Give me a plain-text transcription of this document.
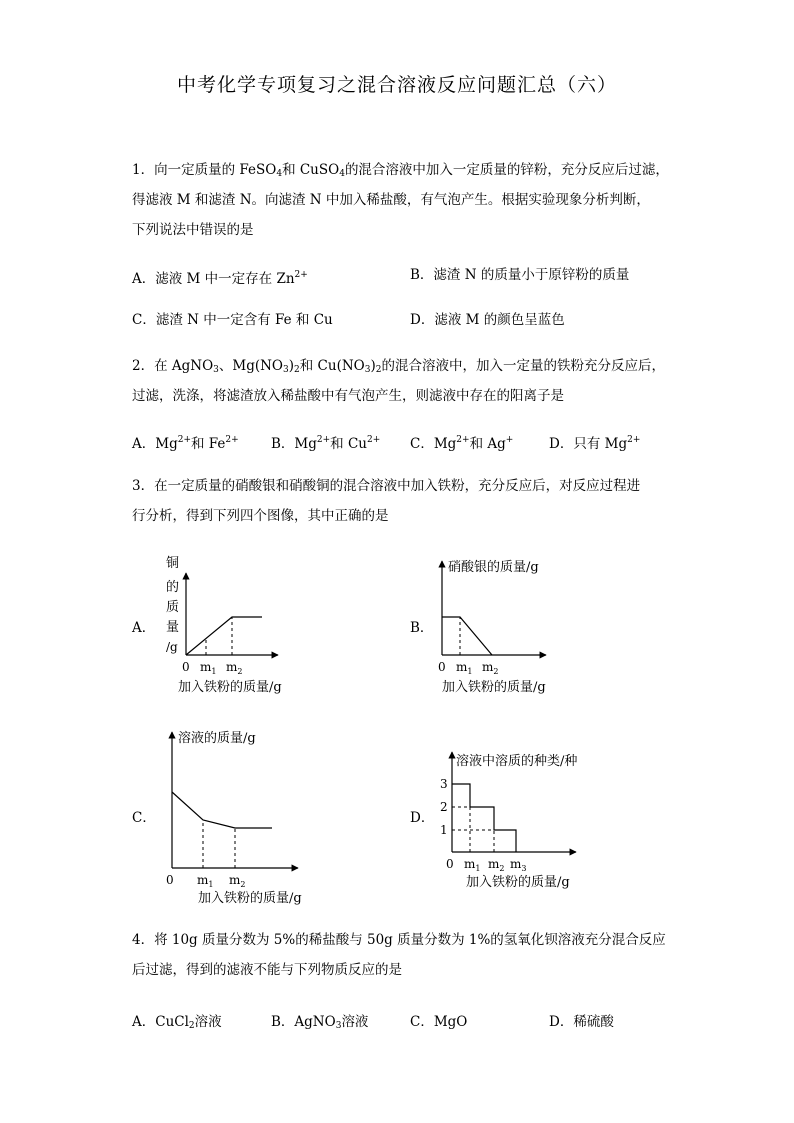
中考化学专项复习之混合溶液反应问题汇总（六）
1．向一定质量的 FeSO$_4$和 CuSO$_4$的混合溶液中加入一定质量的锌粉，充分反应后过滤，
得滤液 M 和滤渣 N。向滤渣 N 中加入稀盐酸，有气泡产生。根据实验现象分析判断，
下列说法中错误的是
A．滤液 M 中一定存在 $Zn^{2+}$	B．滤渣 N 的质量小于原锌粉的质量
C．滤渣 N 中一定含有 Fe 和 Cu	D．滤液 M 的颜色呈蓝色
2．在 AgNO$_3$、$Mg(NO_3)_2$和 $Cu(NO_3)_2$的混合溶液中，加入一定量的铁粉充分反应后，
过滤，洗涤，将滤渣放入稀盐酸中有气泡产生，则滤液中存在的阳离子是
A．$Mg^{2+}$和 $Fe^{2+}$ B．$Mg^{2+}$和 $Cu^{2+}$ C．$Mg^{2+}$和 Ag+	D．只有 $Mg^{2+}$
3．在一定质量的硝酸银和硝酸铜的混合溶液中加入铁粉，充分反应后，对反应过程进
行分析，得到下列四个图像，其中正确的是
A．	B．
C．	D．
铜
的
质
量
/g
0 $m_1$ $m_2$
加入铁粉的质量/g
硝酸银的质量/g
0 $m_1$ $m_2$
加入铁粉的质量/g
溶液的质量/g
0 $m_1$ $m_2$
加入铁粉的质量/g
3
2
1
溶液中溶质的种类/种
0 $m_1$ $m_2$ $m_3$
加入铁粉的质量/g
4．将 10g 质量分数为 5%的稀盐酸与 50g 质量分数为 1%的氢氧化钡溶液充分混合反应
后过滤，得到的滤液不能与下列物质反应的是
A．CuCl$_2$溶液	B．AgNO$_3$溶液	C．MgO	D．稀硫酸
